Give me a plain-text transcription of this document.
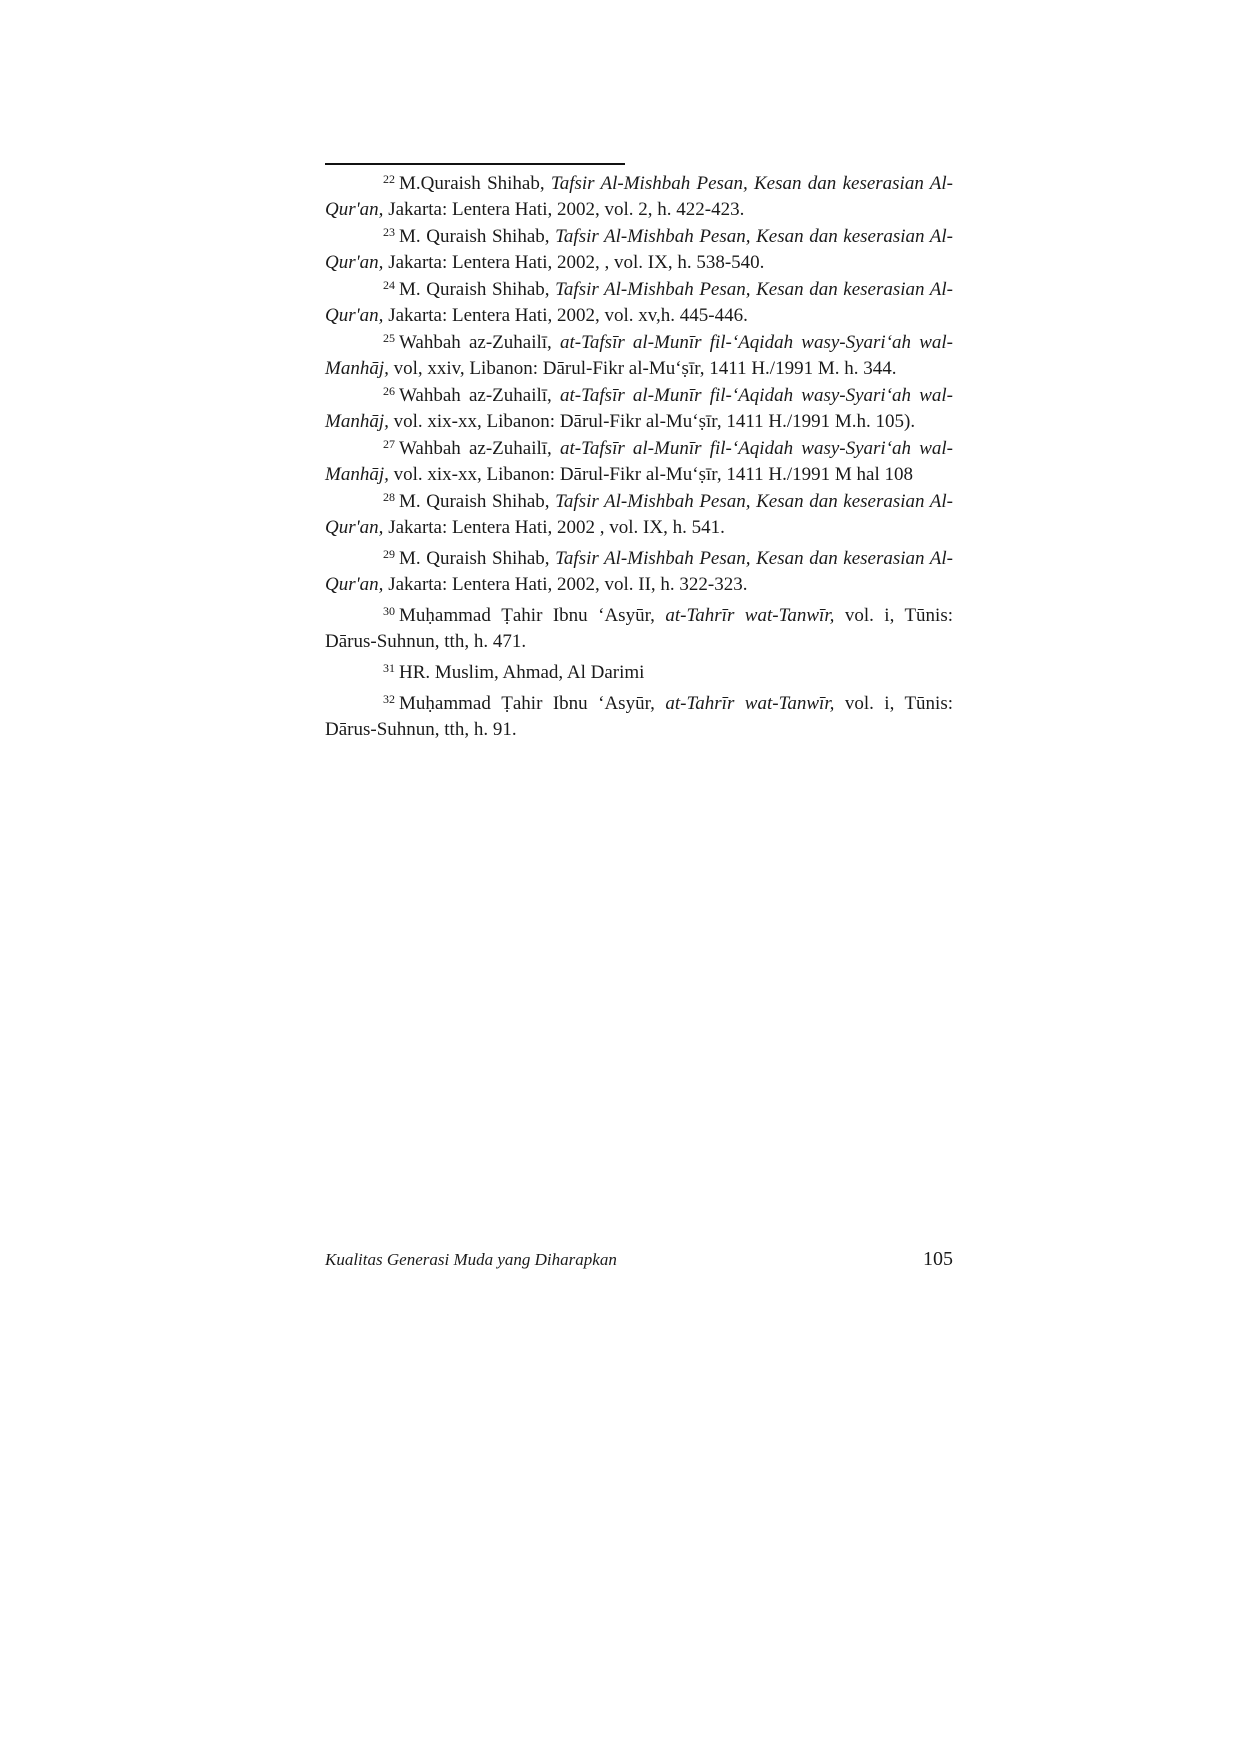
$^{22}$ M.Quraish Shihab, Tafsir Al-Mishbah Pesan, Kesan dan keserasian Al-Qur'an, Jakarta: Lentera Hati, 2002, vol. 2, h. 422-423.

$^{23}$ M. Quraish Shihab, Tafsir Al-Mishbah Pesan, Kesan dan keserasian Al-Qur'an, Jakarta: Lentera Hati, 2002, , vol. IX, h. 538-540.

$^{24}$ M. Quraish Shihab, Tafsir Al-Mishbah Pesan, Kesan dan keserasian Al-Qur'an, Jakarta: Lentera Hati, 2002, vol. xv,h. 445-446.

$^{25}$ Wahbah az-Zuhailī, at-Tafsīr al-Munīr fil-‘Aqidah wasy-Syari‘ah wal-Manhāj, vol, xxiv, Libanon: Dārul-Fikr al-Mu‘ṣīr, 1411 H./1991 M. h. 344.

$^{26}$ Wahbah az-Zuhailī, at-Tafsīr al-Munīr fil-‘Aqidah wasy-Syari‘ah wal-Manhāj, vol. xix-xx, Libanon: Dārul-Fikr al-Mu‘ṣīr, 1411 H./1991 M.h. 105).

$^{27}$ Wahbah az-Zuhailī, at-Tafsīr al-Munīr fil-‘Aqidah wasy-Syari‘ah wal-Manhāj, vol. xix-xx, Libanon: Dārul-Fikr al-Mu‘ṣīr, 1411 H./1991 M hal 108

$^{28}$ M. Quraish Shihab, Tafsir Al-Mishbah Pesan, Kesan dan keserasian Al-Qur'an, Jakarta: Lentera Hati, 2002 , vol. IX, h. 541.

$^{29}$ M. Quraish Shihab, Tafsir Al-Mishbah Pesan, Kesan dan keserasian Al-Qur'an, Jakarta: Lentera Hati, 2002, vol. II, h. 322-323.

$^{30}$ Muḥammad Ṭahir Ibnu ‘Asyūr, at-Tahrīr wat-Tanwīr, vol. i, Tūnis: Dārus-Suhnun, tth, h. 471.

$^{31}$ HR. Muslim, Ahmad, Al Darimi

$^{32}$ Muḥammad Ṭahir Ibnu ‘Asyūr, at-Tahrīr wat-Tanwīr, vol. i, Tūnis: Dārus-Suhnun, tth, h. 91.

Kualitas Generasi Muda yang Diharapkan	105
